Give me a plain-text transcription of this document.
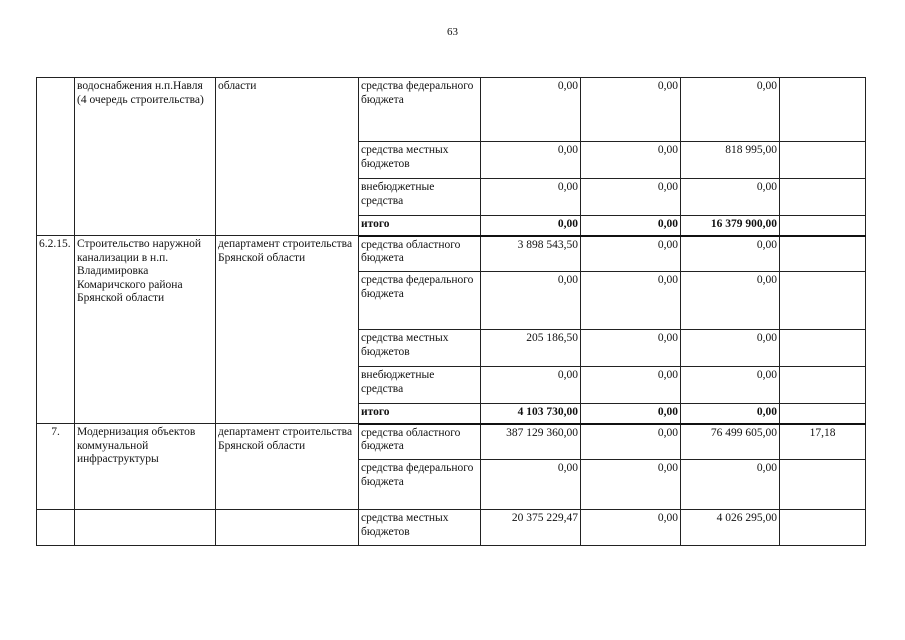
63
	водоснабжения н.п.Навля (4 очередь строительства)	области	средства федерального бюджета	0,00	0,00	0,00	
			средства местных бюджетов	0,00	0,00	818 995,00	
			внебюджетные средства	0,00	0,00	0,00	
			итого	0,00	0,00	16 379 900,00	
6.2.15.	Строительство наружной канализации в н.п. Владимировка Комаричского района Брянской области	департамент строительства Брянской области	средства областного бюджета	3 898 543,50	0,00	0,00	
			средства федерального бюджета	0,00	0,00	0,00	
			средства местных бюджетов	205 186,50	0,00	0,00	
			внебюджетные средства	0,00	0,00	0,00	
			итого	4 103 730,00	0,00	0,00	
7.	Модернизация объектов коммунальной инфраструктуры	департамент строительства Брянской области	средства областного бюджета	387 129 360,00	0,00	76 499 605,00	17,18
			средства федерального бюджета	0,00	0,00	0,00	
			средства местных бюджетов	20 375 229,47	0,00	4 026 295,00	
